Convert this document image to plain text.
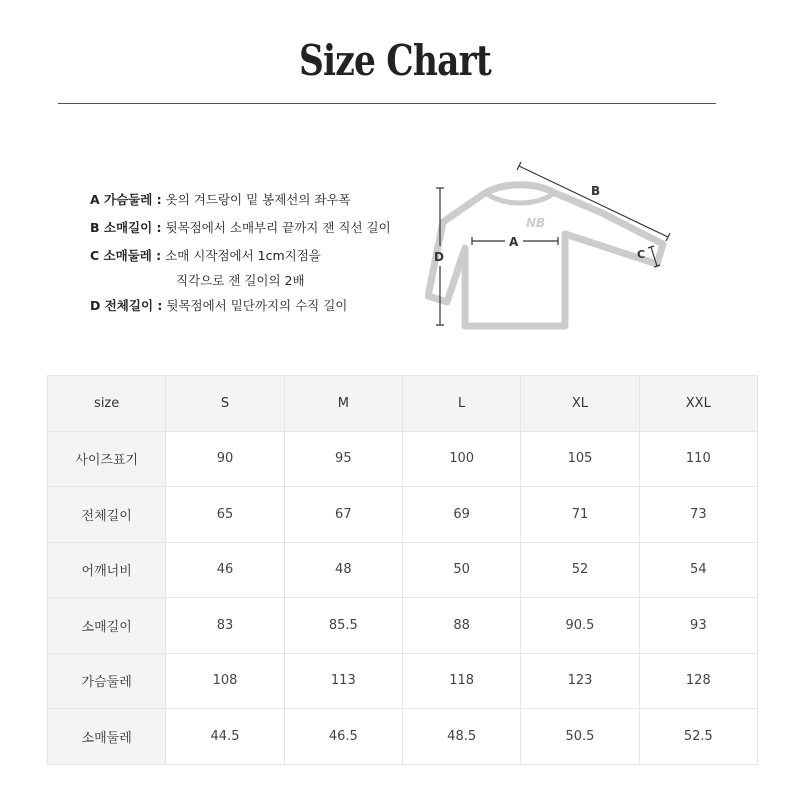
Size Chart
A 가슴둘레 : 옷의 겨드랑이 밑 봉제선의 좌우폭
B 소매길이 : 뒷목점에서 소매부리 끝까지 잰 직선 길이
C 소매둘레 : 소매 시작점에서 1cm지점을
직각으로 잰 길이의 2배
D 전체길이 : 뒷목점에서 밑단까지의 수직 길이
NB
A
B
C
D
size	S	M	L	XL	XXL
사이즈표기	90	95	100	105	110
전체길이	65	67	69	71	73
어깨너비	46	48	50	52	54
소매길이	83	85.5	88	90.5	93
가슴둘레	108	113	118	123	128
소매둘레	44.5	46.5	48.5	50.5	52.5
